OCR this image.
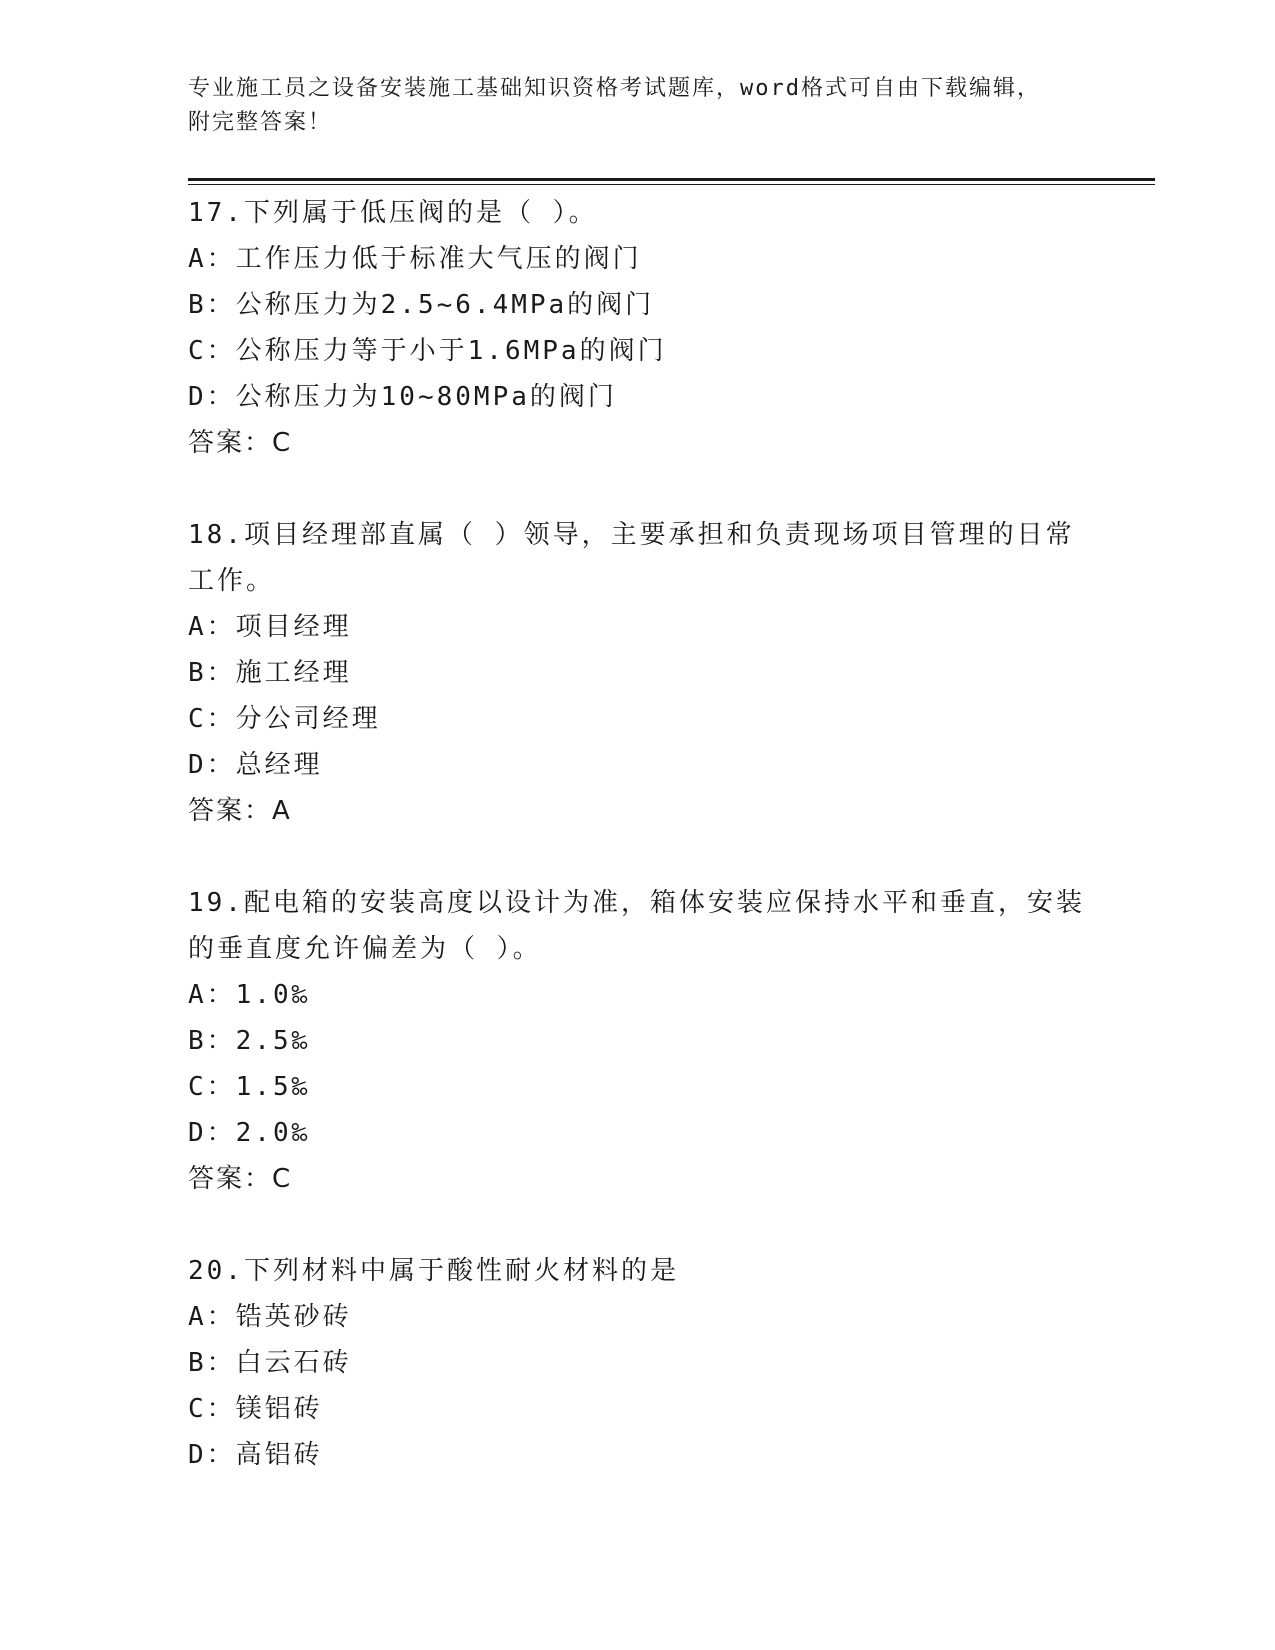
专业施工员之设备安装施工基础知识资格考试题库，word格式可自由下载编辑，
附完整答案！
17.下列属于低压阀的是（ ）。
A：工作压力低于标准大气压的阀门
B：公称压力为2.5~6.4MPa的阀门
C：公称压力等于小于1.6MPa的阀门
D：公称压力为10~80MPa的阀门
答案：C
18.项目经理部直属（ ）领导，主要承担和负责现场项目管理的日常
工作。
A：项目经理
B：施工经理
C：分公司经理
D：总经理
答案：A
19.配电箱的安装高度以设计为准，箱体安装应保持水平和垂直，安装
的垂直度允许偏差为（ ）。
A：1.0‰
B：2.5‰
C：1.5‰
D：2.0‰
答案：C
20.下列材料中属于酸性耐火材料的是
A：锆英砂砖
B：白云石砖
C：镁铝砖
D：高铝砖
